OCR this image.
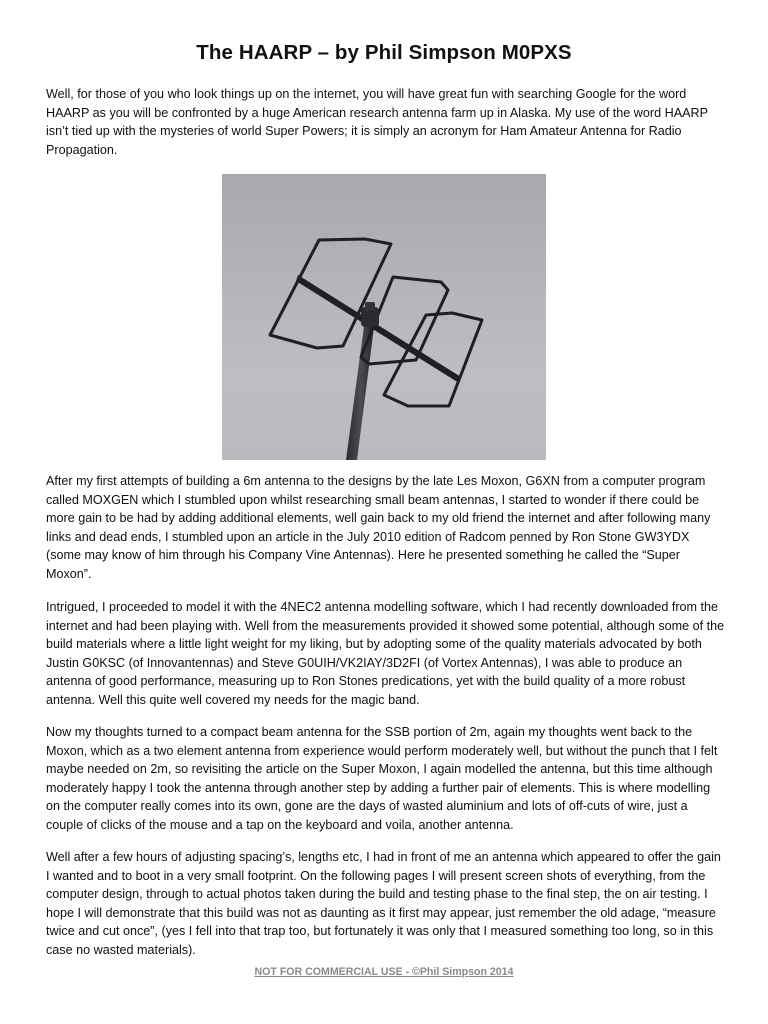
The HAARP – by Phil Simpson M0PXS

Well, for those of you who look things up on the internet, you will have great fun with searching Google for the word HAARP as you will be confronted by a huge American research antenna farm up in Alaska. My use of the word HAARP isn’t tied up with the mysteries of world Super Powers; it is simply an acronym for Ham Amateur Antenna for Radio Propagation.

After my first attempts of building a 6m antenna to the designs by the late Les Moxon, G6XN from a computer program called MOXGEN which I stumbled upon whilst researching small beam antennas, I started to wonder if there could be more gain to be had by adding additional elements, well gain back to my old friend the internet and after following many links and dead ends, I stumbled upon an article in the July 2010 edition of Radcom penned by Ron Stone GW3YDX (some may know of him through his Company Vine Antennas). Here he presented something he called the “Super Moxon”.

Intrigued, I proceeded to model it with the 4NEC2 antenna modelling software, which I had recently downloaded from the internet and had been playing with. Well from the measurements provided it showed some potential, although some of the build materials where a little light weight for my liking, but by adopting some of the quality materials advocated by both Justin G0KSC (of Innovantennas) and Steve G0UIH/VK2IAY/3D2FI (of Vortex Antennas), I was able to produce an antenna of good performance, measuring up to Ron Stones predications, yet with the build quality of a more robust antenna. Well this quite well covered my needs for the magic band.

Now my thoughts turned to a compact beam antenna for the SSB portion of 2m, again my thoughts went back to the Moxon, which as a two element antenna from experience would perform moderately well, but without the punch that I felt maybe needed on 2m, so revisiting the article on the Super Moxon, I again modelled the antenna, but this time although moderately happy I took the antenna through another step by adding a further pair of elements. This is where modelling on the computer really comes into its own, gone are the days of wasted aluminium and lots of off-cuts of wire, just a couple of clicks of the mouse and a tap on the keyboard and voila, another antenna.

Well after a few hours of adjusting spacing’s, lengths etc, I had in front of me an antenna which appeared to offer the gain I wanted and to boot in a very small footprint. On the following pages I will present screen shots of everything, from the computer design, through to actual photos taken during the build and testing phase to the final step, the on air testing. I hope I will demonstrate that this build was not as daunting as it first may appear, just remember the old adage, “measure twice and cut once”, (yes I fell into that trap too, but fortunately it was only that I measured something too long, so in this case no wasted materials).

NOT FOR COMMERCIAL USE - ©Phil Simpson 2014
